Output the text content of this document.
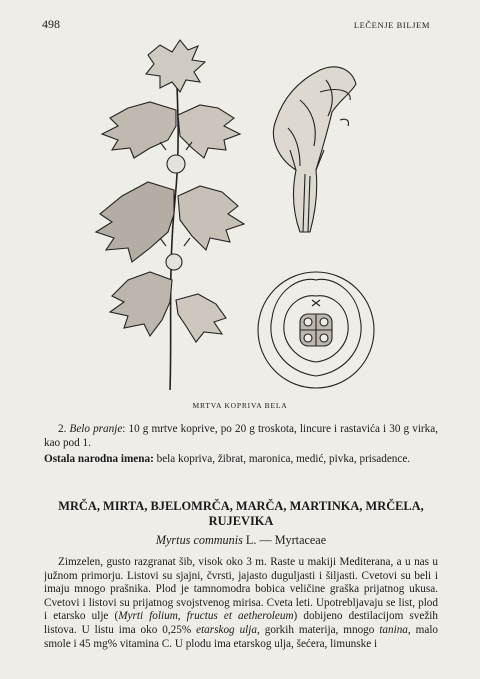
498	LEČENJE BILJEM
MRTVA KOPRIVA BELA
2. Belo pranje: 10 g mrtve koprive, po 20 g troskota, lincure i rastavića i 30 g virka, kao pod 1.
Ostala narodna imena: bela kopriva, žibrat, maronica, medić, pivka, prisadence.
MRČA, MIRTA, BJELOMRČA, MARČA, MARTINKA, MRČELA, RUJEVIKA
Myrtus communis L. — Myrtaceae
Zimzelen, gusto razgranat šib, visok oko 3 m. Raste u makiji Mediterana, a u nas u južnom primorju. Listovi su sjajni, čvrsti, jajasto duguljasti i šiljasti. Cvetovi su beli i imaju mnogo prašnika. Plod je tamnomodra bobica veličine graška prijatnog ukusa. Cvetovi i listovi su prijatnog svojstvenog mirisa. Cveta leti. Upotrebljavaju se list, plod i etarsko ulje (Myrti folium, fructus et aetheroleum) dobijeno destilacijom svežih listova. U listu ima oko 0,25% etarskog ulja, gorkih materija, mnogo tanina, malo smole i 45 mg% vitamina C. U plodu ima etarskog ulja, šećera, limunske i
